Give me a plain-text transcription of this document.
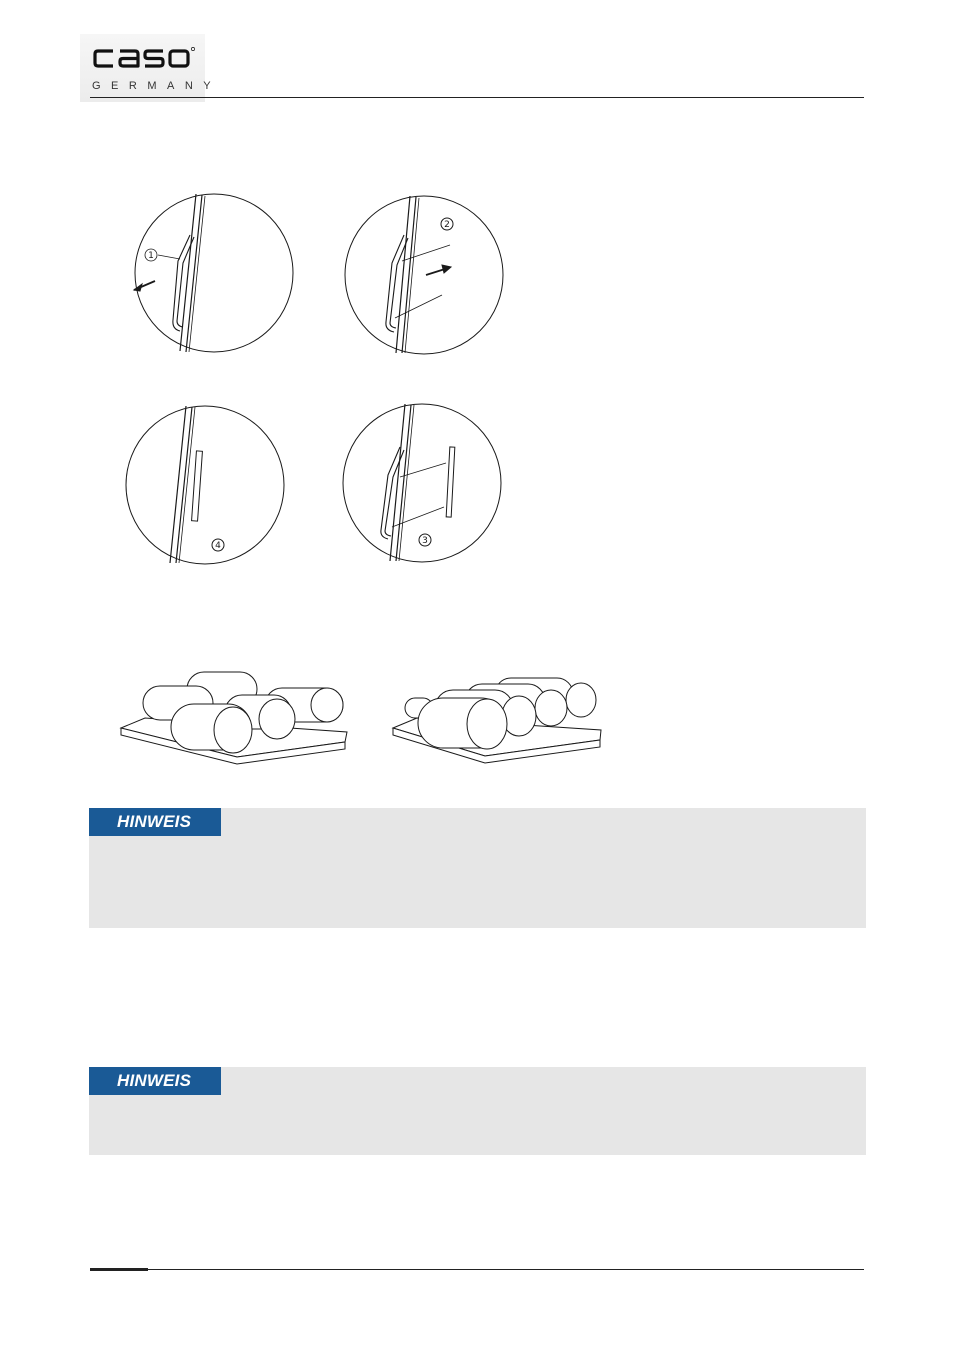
GERMANY
1
2
3
4
HINWEIS
HINWEIS
